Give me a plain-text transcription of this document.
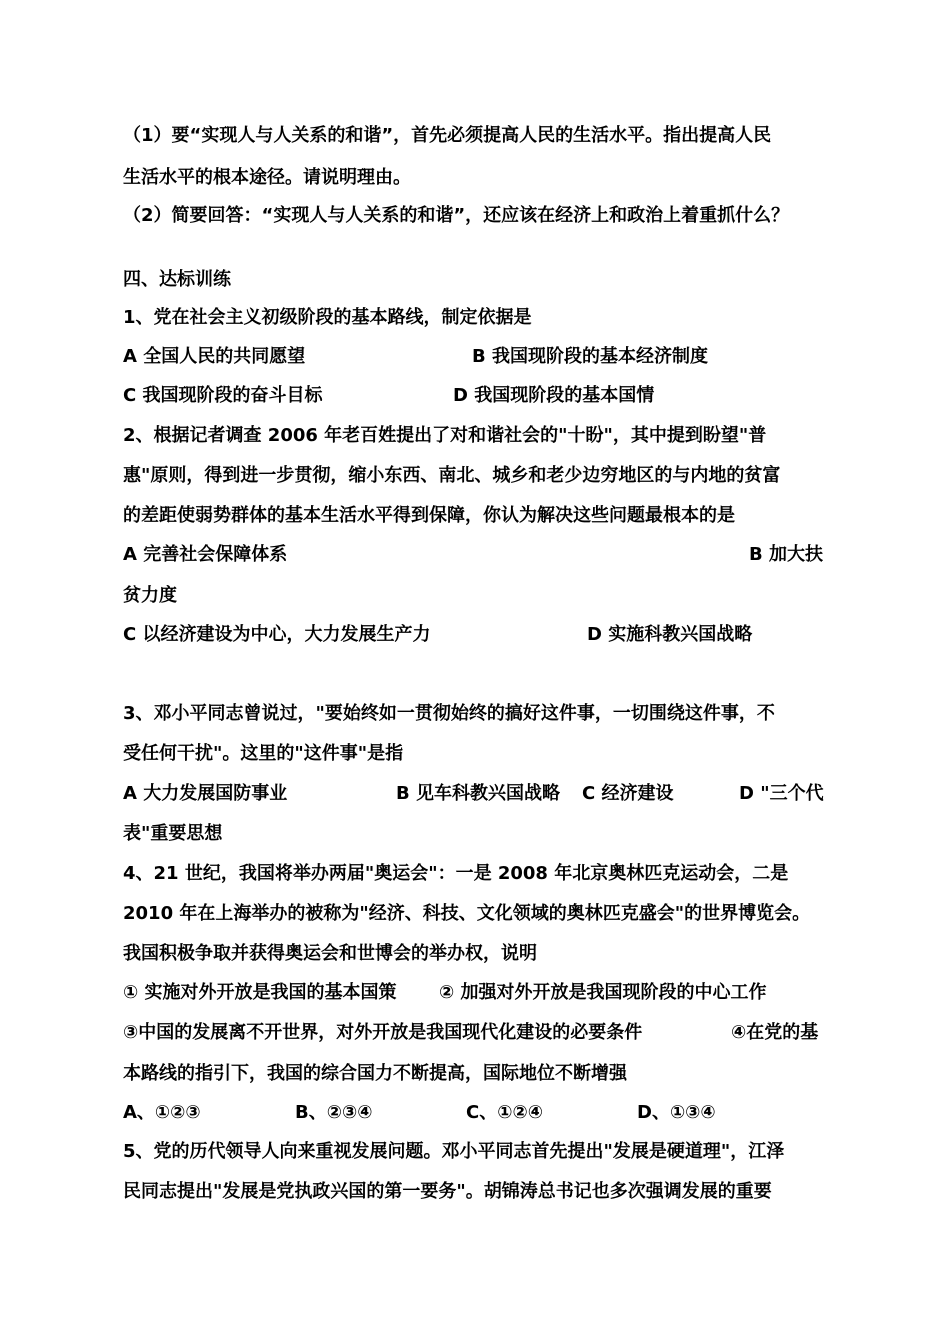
（1）要“实现人与人关系的和谐”，首先必须提高人民的生活水平。指出提高人民
生活水平的根本途径。请说明理由。
（2）简要回答：“实现人与人关系的和谐”，还应该在经济上和政治上着重抓什么？
四、达标训练
1、党在社会主义初级阶段的基本路线，制定依据是
A 全国人民的共同愿望	B 我国现阶段的基本经济制度
C 我国现阶段的奋斗目标	D 我国现阶段的基本国情
2、根据记者调查 2006 年老百姓提出了对和谐社会的"十盼"，其中提到盼望"普
惠"原则，得到进一步贯彻，缩小东西、南北、城乡和老少边穷地区的与内地的贫富
的差距使弱势群体的基本生活水平得到保障，你认为解决这些问题最根本的是
A 完善社会保障体系	B 加大扶
贫力度
C 以经济建设为中心，大力发展生产力	D 实施科教兴国战略
3、邓小平同志曾说过，"要始终如一贯彻始终的搞好这件事，一切围绕这件事，不
受任何干扰"。这里的"这件事"是指
A 大力发展国防事业	B 见车科教兴国战略 C 经济建设	D "三个代
表"重要思想
4、21 世纪，我国将举办两届"奥运会"：一是 2008 年北京奥林匹克运动会，二是
2010 年在上海举办的被称为"经济、科技、文化领域的奥林匹克盛会"的世界博览会。
我国积极争取并获得奥运会和世博会的举办权，说明
① 实施对外开放是我国的基本国策 ② 加强对外开放是我国现阶段的中心工作
③中国的发展离不开世界，对外开放是我国现代化建设的必要条件	④在党的基
本路线的指引下，我国的综合国力不断提高，国际地位不断增强
A、①②③	B、②③④	C、①②④	D、①③④
5、党的历代领导人向来重视发展问题。邓小平同志首先提出"发展是硬道理"，江泽
民同志提出"发展是党执政兴国的第一要务"。胡锦涛总书记也多次强调发展的重要
